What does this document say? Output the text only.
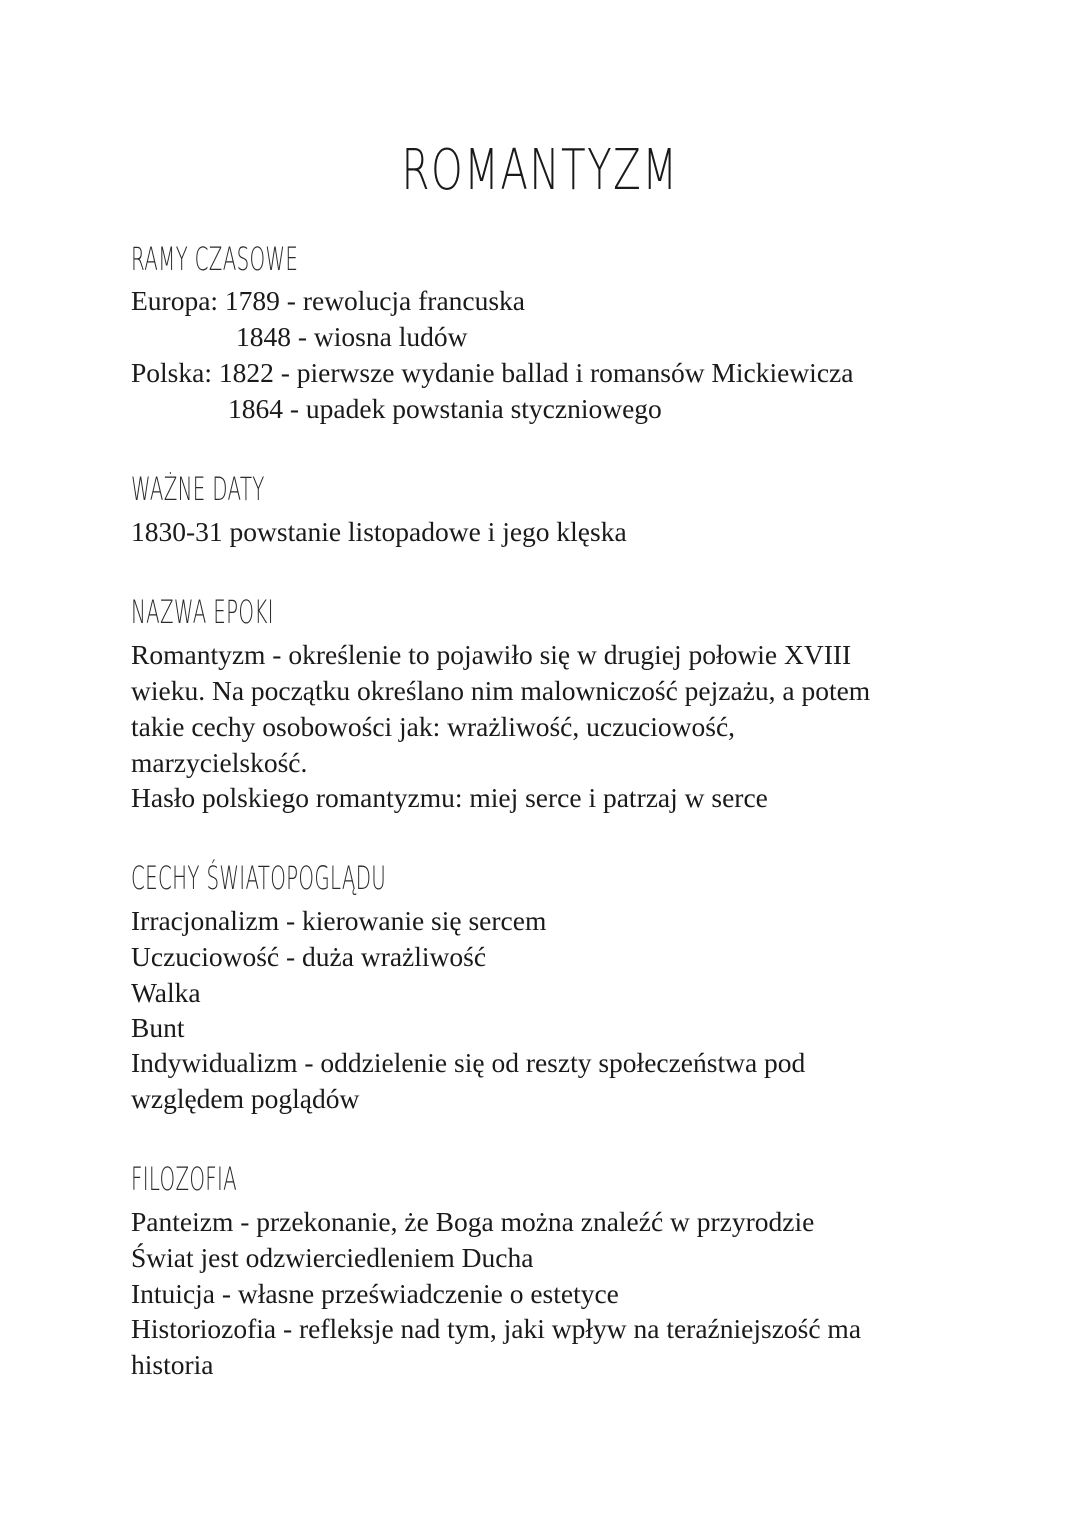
ROMANTYZM
RAMY CZASOWE
Europa: 1789 - rewolucja francuska
1848 - wiosna ludów
Polska: 1822 - pierwsze wydanie ballad i romansów Mickiewicza
1864 - upadek powstania styczniowego
WAŻNE DATY
1830-31 powstanie listopadowe i jego klęska
NAZWA EPOKI
Romantyzm - określenie to pojawiło się w drugiej połowie XVIII
wieku. Na początku określano nim malowniczość pejzażu, a potem
takie cechy osobowości jak: wrażliwość, uczuciowość,
marzycielskość.
Hasło polskiego romantyzmu: miej serce i patrzaj w serce
CECHY ŚWIATOPOGLĄDU
Irracjonalizm - kierowanie się sercem
Uczuciowość - duża wrażliwość
Walka
Bunt
Indywidualizm - oddzielenie się od reszty społeczeństwa pod
względem poglądów
FILOZOFIA
Panteizm - przekonanie, że Boga można znaleźć w przyrodzie
Świat jest odzwierciedleniem Ducha
Intuicja - własne przeświadczenie o estetyce
Historiozofia - refleksje nad tym, jaki wpływ na teraźniejszość ma
historia
